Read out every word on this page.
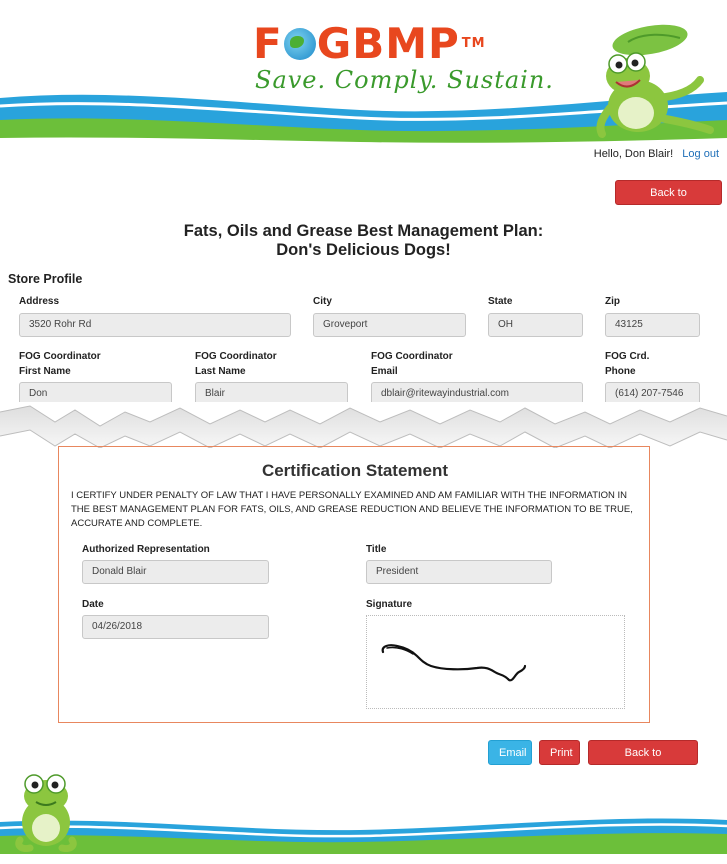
F G BMP TM
Save. Comply. Sustain.
Hello, Don Blair! Log out
Back to Dashboard
Fats, Oils and Grease Best Management Plan:
Don's Delicious Dogs!
Store Profile
Address
3520 Rohr Rd
City
Groveport
State
OH
Zip
43125
FOG Coordinator
First Name
Don
FOG Coordinator
Last Name
Blair
FOG Coordinator
Email
dblair@ritewayindustrial.com
FOG Crd.
Phone
(614) 207-7546
Certification Statement
I CERTIFY UNDER PENALTY OF LAW THAT I HAVE PERSONALLY EXAMINED AND AM FAMILIAR WITH THE INFORMATION IN THE BEST MANAGEMENT PLAN FOR FATS, OILS, AND GREASE REDUCTION AND BELIEVE THE INFORMATION TO BE TRUE, ACCURATE AND COMPLETE.
Authorized Representation
Donald Blair
Title
President
Date
04/26/2018
Signature
Email	Print	Back to Dashboard
